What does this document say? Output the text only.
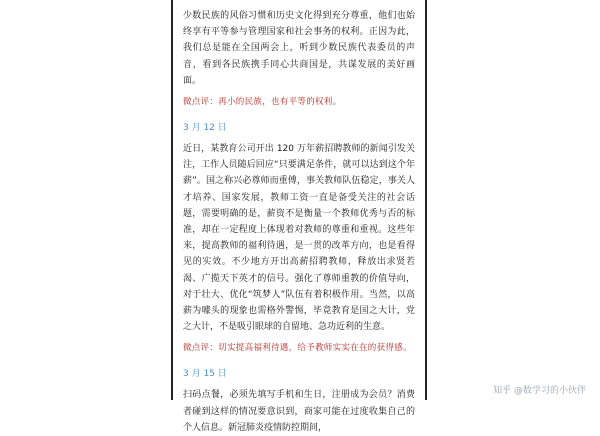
少数民族的风俗习惯和历史文化得到充分尊重，他们也始终享有平等参与管理国家和社会事务的权利。正因为此，我们总是能在全国两会上，听到少数民族代表委员的声音，看到各民族携手同心共商国是，共谋发展的美好画面。

微点评：再小的民族，也有平等的权利。

3 月 12 日

近日，某教育公司开出 120 万年薪招聘教师的新闻引发关注，工作人员随后回应“只要满足条件，就可以达到这个年薪”。国之称兴必尊师而重傅，事关教师队伍稳定，事关人才培养、国家发展，教师工资一直是备受关注的社会话题，需要明确的是，薪资不是衡量一个教师优秀与否的标准，却在一定程度上体现着对教师的尊重和重视。这些年来，提高教师的福利待遇，是一贯的改革方向，也是看得见的实效。不少地方开出高薪招聘教师，释放出求贤若渴、广揽天下英才的信号。强化了尊师重教的价值导向，对于壮大、优化“筑梦人”队伍有着积极作用。当然，以高薪为噱头的现象也需格外警惕，毕竟教育是国之大计，党之大计，不是吸引眼球的自留地、急功近利的生意。

微点评：切实提高福利待遇，给予教师实实在在的获得感。

3 月 15 日

扫码点餐，必须先填写手机和生日，注册成为会员？消费者碰到这样的情况要意识到，商家可能在过度收集自己的个人信息。新冠肺炎疫情防控期间，

知乎 @数学习的小伙伴
